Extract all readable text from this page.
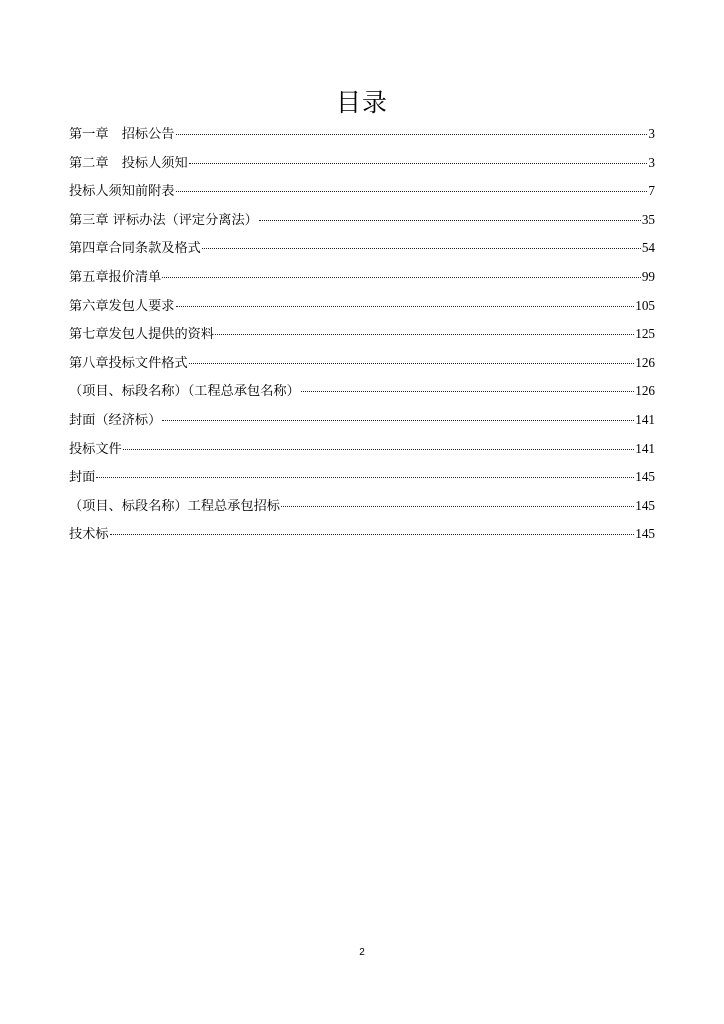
目录
第一章　招标公告	3
第二章　投标人须知	3
投标人须知前附表	7
第三章 评标办法（评定分离法）	35
第四章合同条款及格式	54
第五章报价清单	99
第六章发包人要求	105
第七章发包人提供的资料	125
第八章投标文件格式	126
（项目、标段名称）（工程总承包名称）	126
封面（经济标）	141
投标文件	141
封面	145
（项目、标段名称）工程总承包招标	145
技术标	145
2
